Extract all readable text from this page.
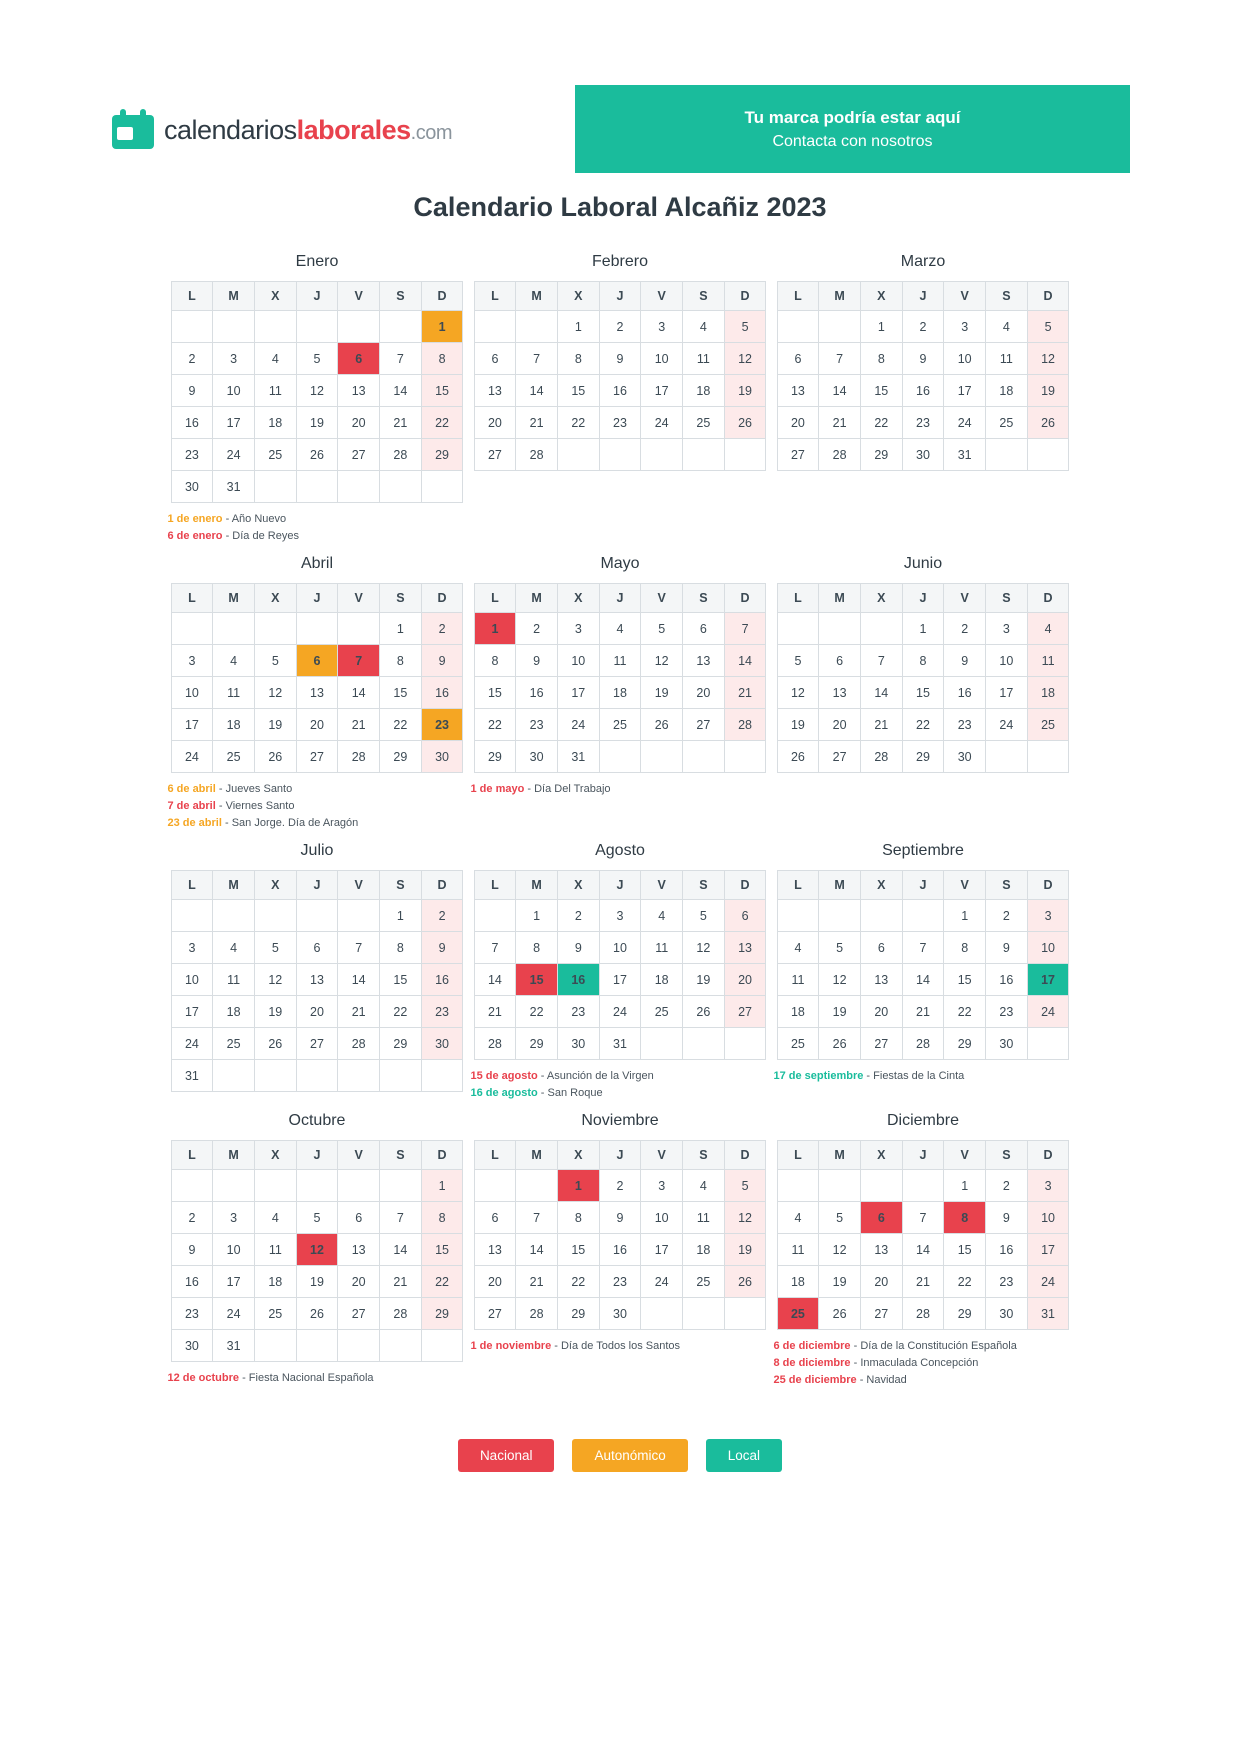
calendarioslaborales.com
Tu marca podría estar aquí
Contacta con nosotros
Calendario Laboral Alcañiz 2023
Enero
L	M	X	J	V	S	D
						1
2	3	4	5	6	7	8
9	10	11	12	13	14	15
16	17	18	19	20	21	22
23	24	25	26	27	28	29
30	31					
1 de enero - Año Nuevo
6 de enero - Día de Reyes
Febrero
L	M	X	J	V	S	D
		1	2	3	4	5
6	7	8	9	10	11	12
13	14	15	16	17	18	19
20	21	22	23	24	25	26
27	28					
Marzo
L	M	X	J	V	S	D
		1	2	3	4	5
6	7	8	9	10	11	12
13	14	15	16	17	18	19
20	21	22	23	24	25	26
27	28	29	30	31		
Abril
L	M	X	J	V	S	D
					1	2
3	4	5	6	7	8	9
10	11	12	13	14	15	16
17	18	19	20	21	22	23
24	25	26	27	28	29	30
6 de abril - Jueves Santo
7 de abril - Viernes Santo
23 de abril - San Jorge. Día de Aragón
Mayo
L	M	X	J	V	S	D
1	2	3	4	5	6	7
8	9	10	11	12	13	14
15	16	17	18	19	20	21
22	23	24	25	26	27	28
29	30	31				
1 de mayo - Día Del Trabajo
Junio
L	M	X	J	V	S	D
			1	2	3	4
5	6	7	8	9	10	11
12	13	14	15	16	17	18
19	20	21	22	23	24	25
26	27	28	29	30		
Julio
L	M	X	J	V	S	D
					1	2
3	4	5	6	7	8	9
10	11	12	13	14	15	16
17	18	19	20	21	22	23
24	25	26	27	28	29	30
31						
Agosto
L	M	X	J	V	S	D
	1	2	3	4	5	6
7	8	9	10	11	12	13
14	15	16	17	18	19	20
21	22	23	24	25	26	27
28	29	30	31			
15 de agosto - Asunción de la Virgen
16 de agosto - San Roque
Septiembre
L	M	X	J	V	S	D
				1	2	3
4	5	6	7	8	9	10
11	12	13	14	15	16	17
18	19	20	21	22	23	24
25	26	27	28	29	30	
17 de septiembre - Fiestas de la Cinta
Octubre
L	M	X	J	V	S	D
						1
2	3	4	5	6	7	8
9	10	11	12	13	14	15
16	17	18	19	20	21	22
23	24	25	26	27	28	29
30	31					
12 de octubre - Fiesta Nacional Española
Noviembre
L	M	X	J	V	S	D
		1	2	3	4	5
6	7	8	9	10	11	12
13	14	15	16	17	18	19
20	21	22	23	24	25	26
27	28	29	30			
1 de noviembre - Día de Todos los Santos
Diciembre
L	M	X	J	V	S	D
				1	2	3
4	5	6	7	8	9	10
11	12	13	14	15	16	17
18	19	20	21	22	23	24
25	26	27	28	29	30	31
6 de diciembre - Día de la Constitución Española
8 de diciembre - Inmaculada Concepción
25 de diciembre - Navidad
Nacional	Autonómico	Local
